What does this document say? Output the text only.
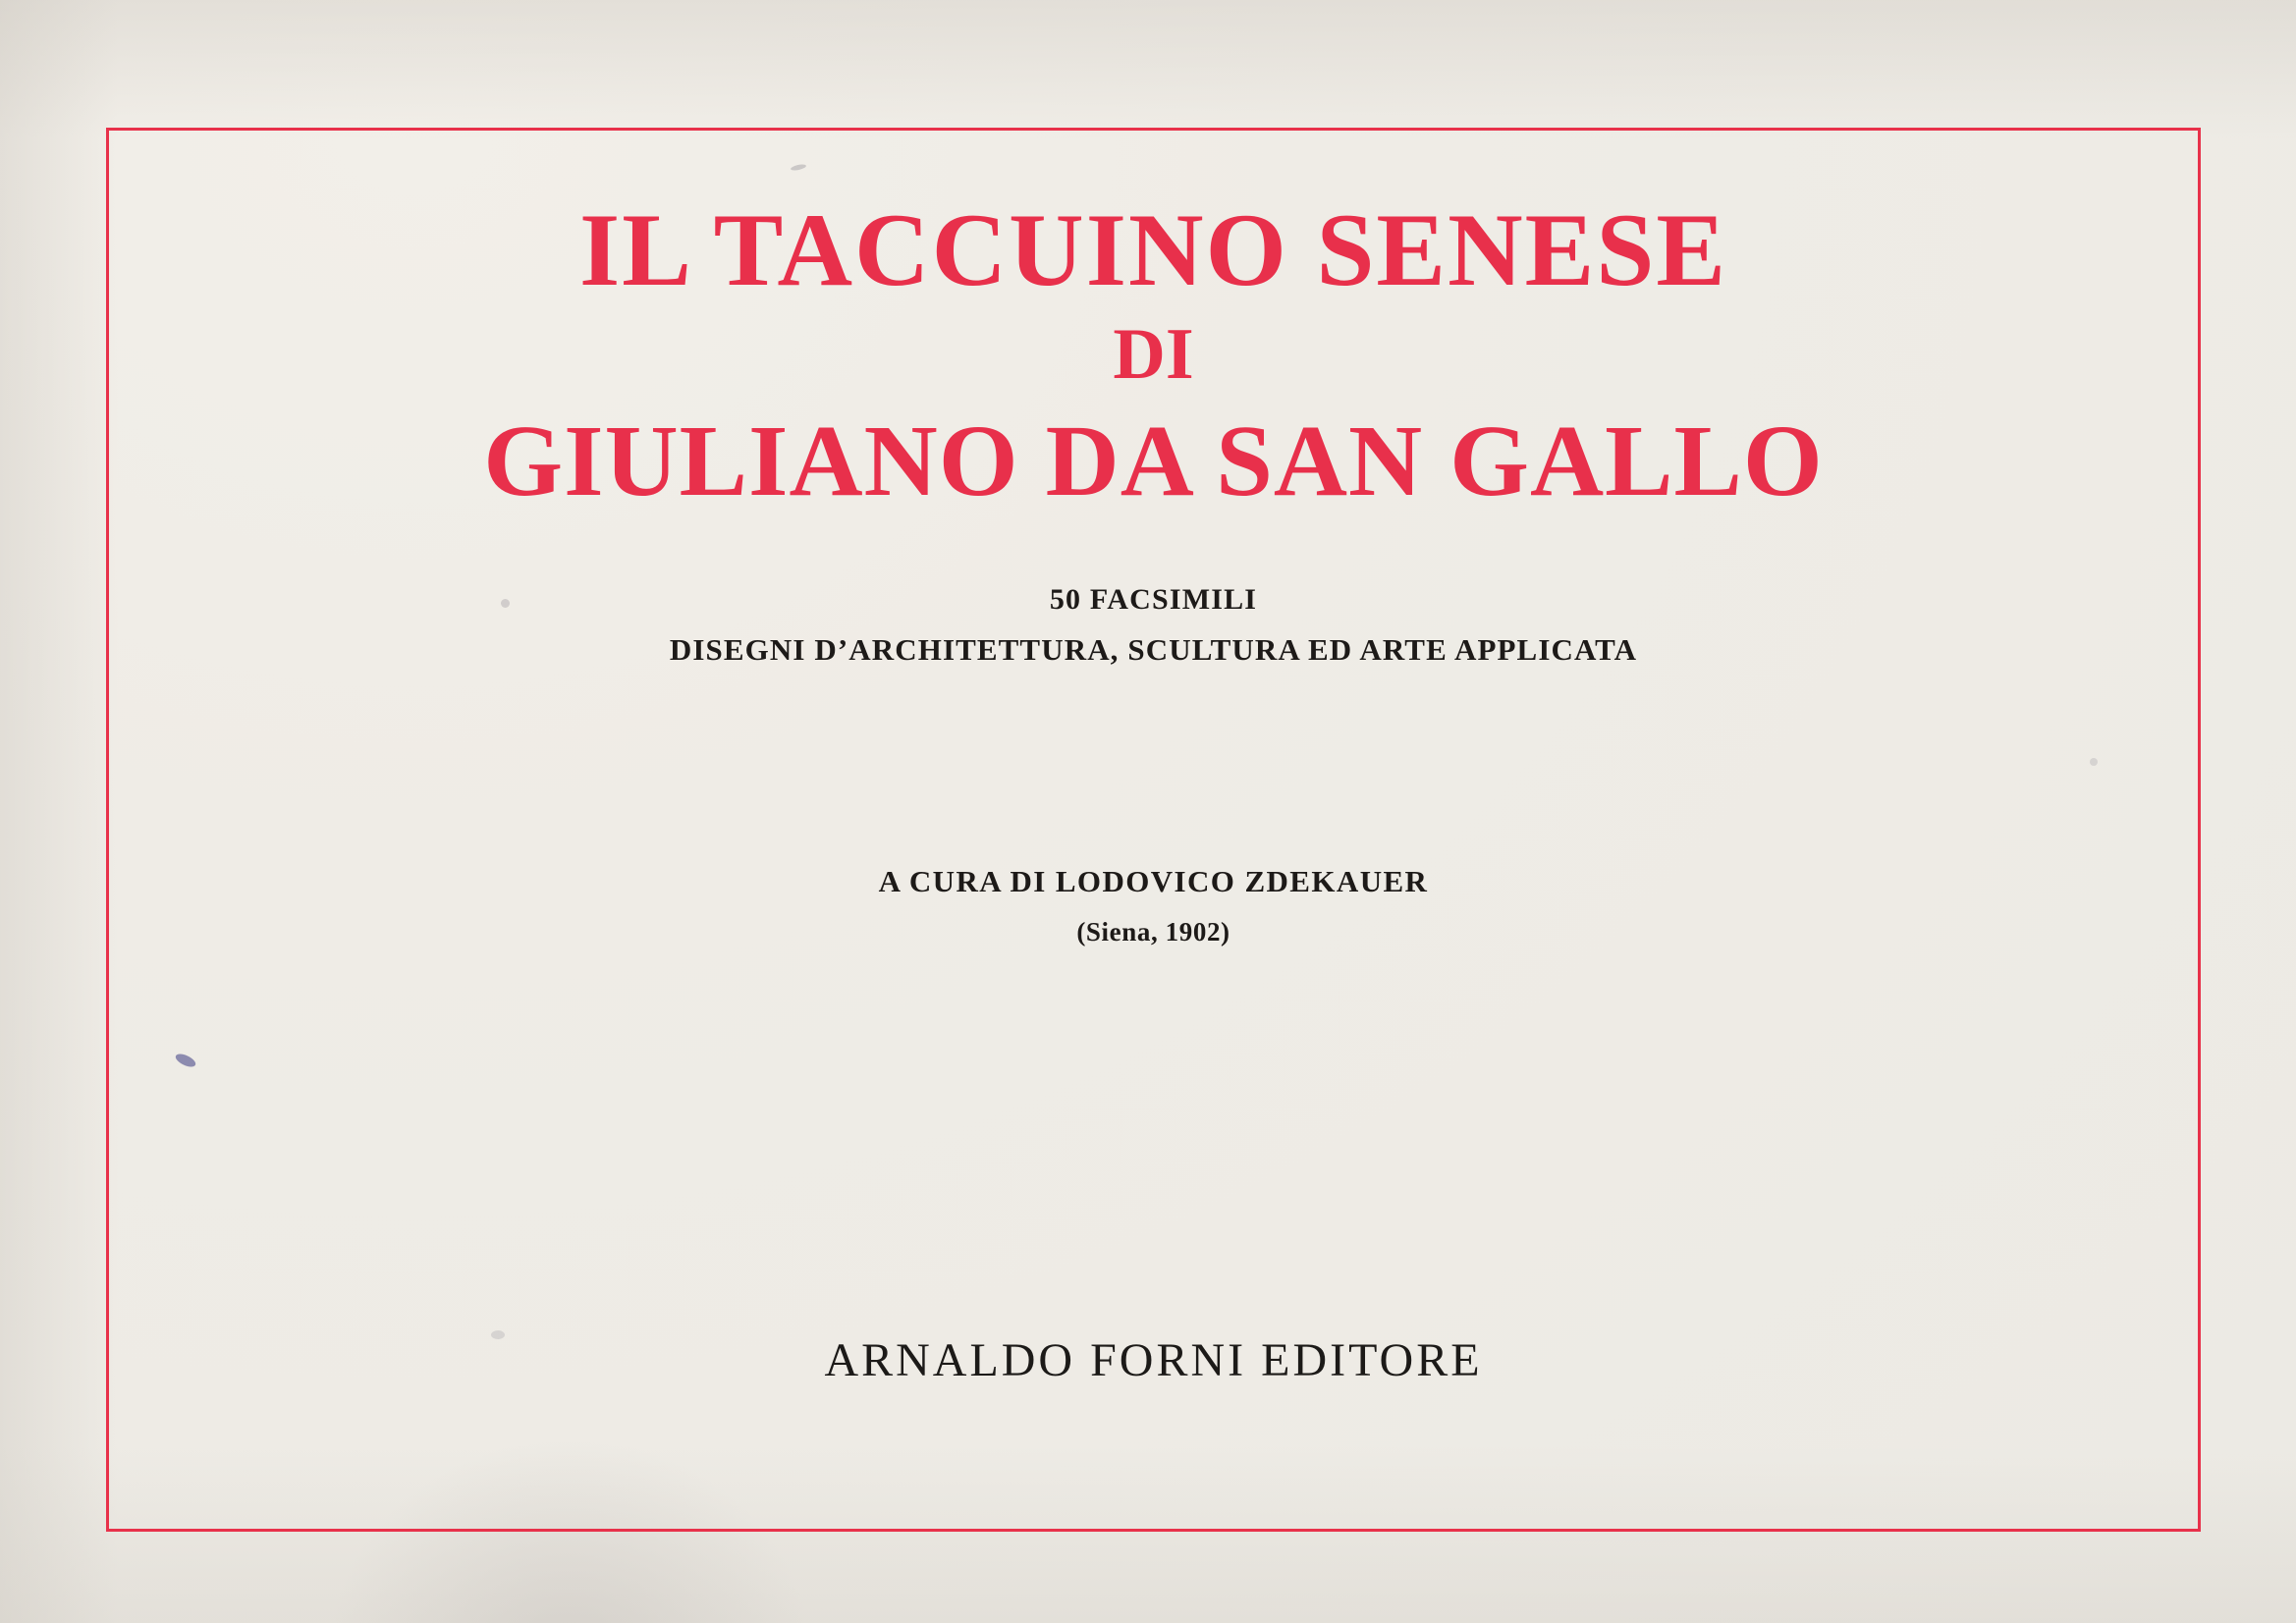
IL TACCUINO SENESE
DI
GIULIANO DA SAN GALLO
50 FACSIMILI
DISEGNI D’ARCHITETTURA, SCULTURA ED ARTE APPLICATA
A CURA DI LODOVICO ZDEKAUER
(Siena, 1902)
ARNALDO FORNI EDITORE
